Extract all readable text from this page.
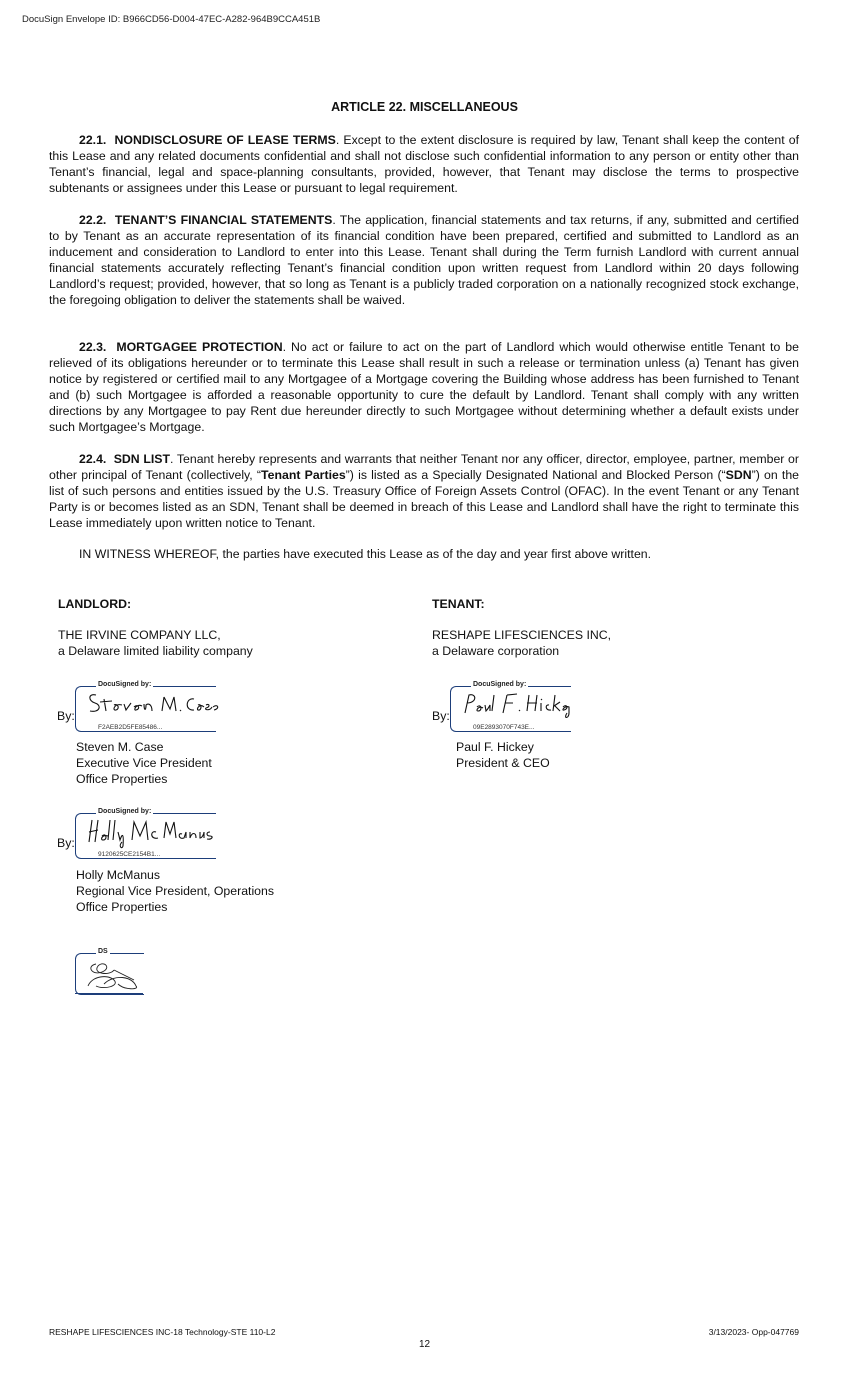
DocuSign Envelope ID: B966CD56-D004-47EC-A282-964B9CCA451B
ARTICLE 22. MISCELLANEOUS

22.1. NONDISCLOSURE OF LEASE TERMS. Except to the extent disclosure is required by law, Tenant shall keep the content of this Lease and any related documents confidential and shall not disclose such confidential information to any person or entity other than Tenant’s financial, legal and space-planning consultants, provided, however, that Tenant may disclose the terms to prospective subtenants or assignees under this Lease or pursuant to legal requirement.

22.2. TENANT’S FINANCIAL STATEMENTS. The application, financial statements and tax returns, if any, submitted and certified to by Tenant as an accurate representation of its financial condition have been prepared, certified and submitted to Landlord as an inducement and consideration to Landlord to enter into this Lease. Tenant shall during the Term furnish Landlord with current annual financial statements accurately reflecting Tenant’s financial condition upon written request from Landlord within 20 days following Landlord’s request; provided, however, that so long as Tenant is a publicly traded corporation on a nationally recognized stock exchange, the foregoing obligation to deliver the statements shall be waived.

22.3. MORTGAGEE PROTECTION. No act or failure to act on the part of Landlord which would otherwise entitle Tenant to be relieved of its obligations hereunder or to terminate this Lease shall result in such a release or termination unless (a) Tenant has given notice by registered or certified mail to any Mortgagee of a Mortgage covering the Building whose address has been furnished to Tenant and (b) such Mortgagee is afforded a reasonable opportunity to cure the default by Landlord. Tenant shall comply with any written directions by any Mortgagee to pay Rent due hereunder directly to such Mortgagee without determining whether a default exists under such Mortgagee’s Mortgage.

22.4. SDN LIST. Tenant hereby represents and warrants that neither Tenant nor any officer, director, employee, partner, member or other principal of Tenant (collectively, “Tenant Parties”) is listed as a Specially Designated National and Blocked Person (“SDN”) on the list of such persons and entities issued by the U.S. Treasury Office of Foreign Assets Control (OFAC). In the event Tenant or any Tenant Party is or becomes listed as an SDN, Tenant shall be deemed in breach of this Lease and Landlord shall have the right to terminate this Lease immediately upon written notice to Tenant.

IN WITNESS WHEREOF, the parties have executed this Lease as of the day and year first above written.
LANDLORD:
THE IRVINE COMPANY LLC,
a Delaware limited liability company
By:
DocuSigned by:
F2AEB2D5FE85486...
Steven M. Case
Executive Vice President
Office Properties
By:
DocuSigned by:
9120625CE2154B1...
Holly McManus
Regional Vice President, Operations
Office Properties
DS
TENANT:
RESHAPE LIFESCIENCES INC,
a Delaware corporation
By:
DocuSigned by:
09E2893070F743E...
Paul F. Hickey
President & CEO
RESHAPE LIFESCIENCES INC-18 Technology-STE 110-L2	3/13/2023- Opp-047769
12
